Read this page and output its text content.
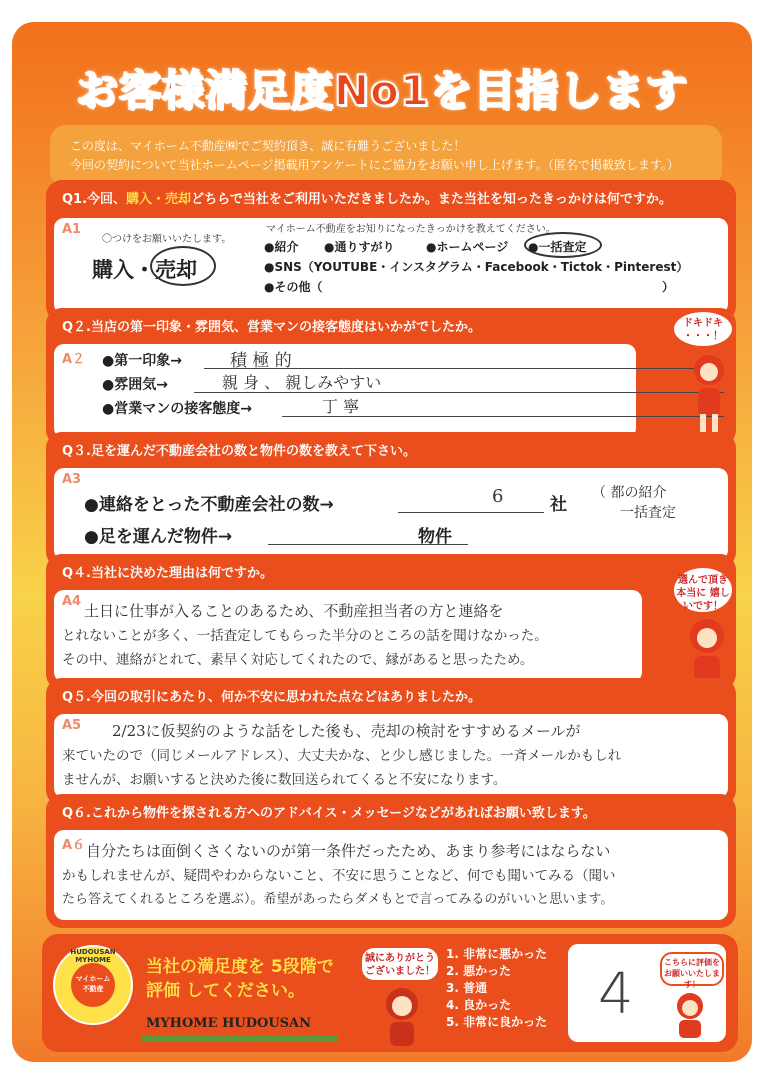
お客様満足度No1を目指します
この度は、マイホーム不動産㈱でご契約頂き、誠に有難うございました！
今回の契約について当社ホームページ掲載用アンケートにご協力をお願い申し上げます。（匿名で掲載致します。）
Q1.今回、購入・売却どちらで当社をご利用いただきましたか。また当社を知ったきっかけは何ですか。
A1
〇つけをお願いいたします。
マイホーム不動産をお知りになったきっかけを教えてください。
購入・売却
●紹介 ●通りすがり	●ホームページ ●一括査定
●SNS（YOUTUBE・インスタグラム・Facebook・Tictok・Pinterest）
●その他（	）
Q２.当店の第一印象・雰囲気、営業マンの接客態度はいかがでしたか。
A２ ●第一印象→	積 極 的
●雰囲気→	親 身 、 親しみやすい
●営業マンの接客態度→	丁 寧
ドキドキ ・・・！
Q３.足を運んだ不動産会社の数と物件の数を教えて下さい。
A3
●連絡をとった不動産会社の数→	6	社
（ 都の紹介
一括査定
●足を運んだ物件→	物件
Q４.当社に決めた理由は何ですか。
A4
土日に仕事が入ることのあるため、不動産担当者の方と連絡を
とれないことが多く、一括査定してもらった半分のところの話を聞けなかった。
その中、連絡がとれて、素早く対応してくれたので、縁があると思ったため。
選んで頂き 本当に 嬉しいです！
Q５.今回の取引にあたり、何か不安に思われた点などはありましたか。
A5 2/23に仮契約のような話をした後も、売却の検討をすすめるメールが
来ていたので（同じメールアドレス）、大丈夫かな、と少し感じました。一斉メールかもしれ
ませんが、お願いすると決めた後に数回送られてくると不安になります。
Q６.これから物件を探される方へのアドバイス・メッセージなどがあればお願い致します。
A６ 自分たちは面倒くさくないのが第一条件だったため、あまり参考にはならない
かもしれませんが、疑問やわからないこと、不安に思うことなど、何でも聞いてみる（聞い
たら答えてくれるところを選ぶ）。希望があったらダメもとで言ってみるのがいいと思います。
HUDOUSAN MYHOME
マイホーム
不動産
当社の満足度を 5段階で
評価 してください。
MYHOME HUDOUSAN
誠にありがとうございました！
1. 非常に悪かった
2. 悪かった
3. 普通
4. 良かった
5. 非常に良かった 4	こちらに評価をお願いいたします！
